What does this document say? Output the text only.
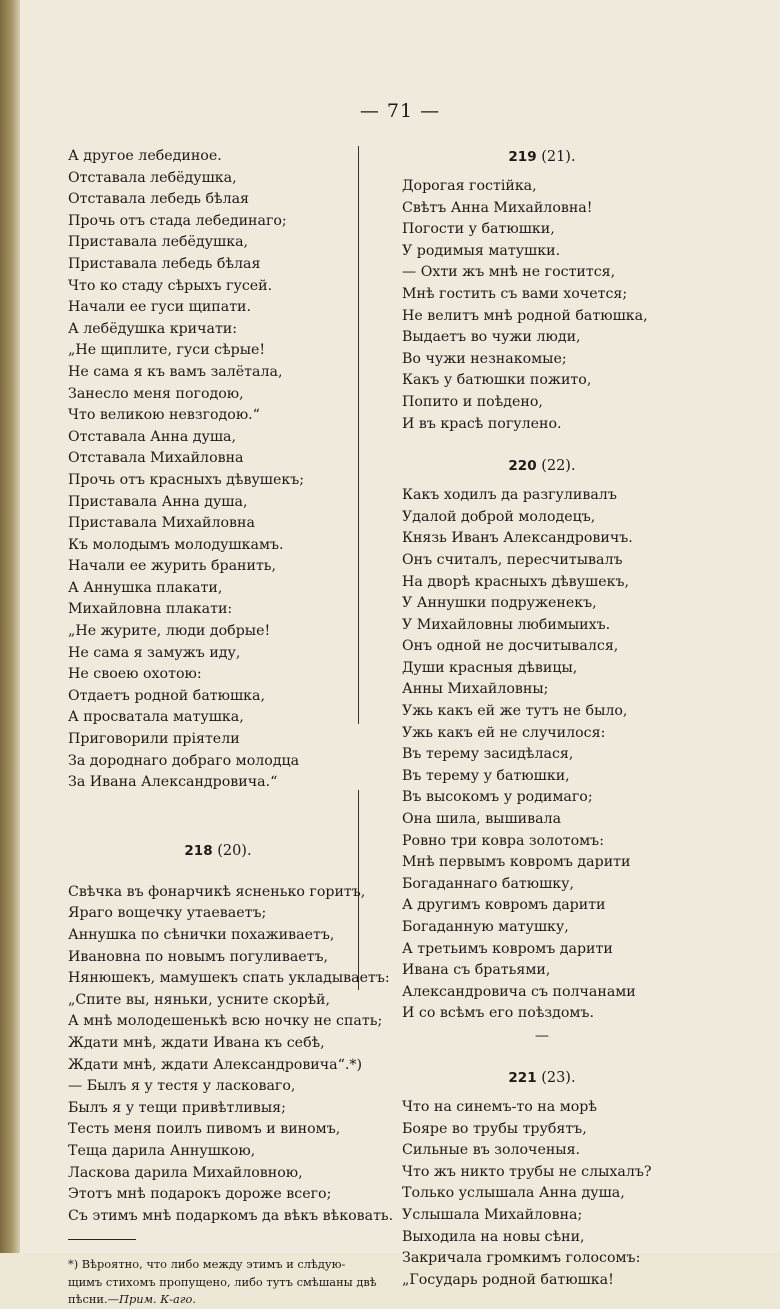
— 71 —
А другое лебединое.
Отставала лебёдушка,
Отставала лебедь бѣлая
Прочь отъ стада лебединаго;
Приставала лебёдушка,
Приставала лебедь бѣлая
Что ко стаду сѣрыхъ гусей.
Начали ее гуси щипати.
А лебёдушка кричати:
„Не щиплите, гуси сѣрые!
Не сама я къ вамъ залётала,
Занесло меня погодою,
Что великою невзгодою.“
Отставала Анна душа,
Отставала Михайловна
Прочь отъ красныхъ дѣвушекъ;
Приставала Анна душа,
Приставала Михайловна
Къ молодымъ молодушкамъ.
Начали ее журить бранить,
А Аннушка плакати,
Михайловна плакати:
„Не журите, люди добрые!
Не сама я замужъ иду,
Не своею охотою:
Отдаетъ родной батюшка,
А просватала матушка,
Приговорили пріятели
За дороднаго добраго молодца
За Ивана Александровича.“
218 (20).
Свѣчка въ фонарчикѣ ясненько горитъ,
Яраго вощечку утаеваетъ;
Аннушка по сѣнички похаживаетъ,
Ивановна по новымъ погуливаетъ,
Нянюшекъ, мамушекъ спать укладываетъ:
„Спите вы, няньки, усните скорѣй,
А мнѣ молодешенькѣ всю ночку не спать;
Ждати мнѣ, ждати Ивана къ себѣ,
Ждати мнѣ, ждати Александровича“.*)
— Былъ я у тестя у ласковаго,
Былъ я у тещи привѣтливыя;
Тесть меня поилъ пивомъ и виномъ,
Теща дарила Аннушкою,
Ласкова дарила Михайловною,
Этотъ мнѣ подарокъ дороже всего;
Съ этимъ мнѣ подаркомъ да вѣкъ вѣковать.
*) Вѣроятно, что либо между этимъ и слѣдую-
щимъ стихомъ пропущено, либо тутъ смѣшаны двѣ
пѣсни.—Прим. К-аго.
219 (21).
Дорогая гостійка,
Свѣтъ Анна Михайловна!
Погости у батюшки,
У родимыя матушки.
— Охти жъ мнѣ не гостится,
Мнѣ гостить съ вами хочется;
Не велитъ мнѣ родной батюшка,
Выдаетъ во чужи люди,
Во чужи незнакомые;
Какъ у батюшки пожито,
Попито и поѣдено,
И въ красѣ погулено.
220 (22).
Какъ ходилъ да разгуливалъ
Удалой доброй молодецъ,
Князь Иванъ Александровичъ.
Онъ считалъ, пересчитывалъ
На дворѣ красныхъ дѣвушекъ,
У Аннушки подруженекъ,
У Михайловны любимыихъ.
Онъ одной не досчитывался,
Души красныя дѣвицы,
Анны Михайловны;
Ужь какъ ей же тутъ не было,
Ужь какъ ей не случилося:
Въ терему засидѣлася,
Въ терему у батюшки,
Въ высокомъ у родимаго;
Она шила, вышивала
Ровно три ковра золотомъ:
Мнѣ первымъ ковромъ дарити
Богаданнаго батюшку,
А другимъ ковромъ дарити
Богаданную матушку,
А третьимъ ковромъ дарити
Ивана съ братьями,
Александровича съ полчанами
И со всѣмъ его поѣздомъ.
—
221 (23).
Что на синемъ-то на морѣ
Бояре во трубы трубятъ,
Сильные въ золоченыя.
Что жъ никто трубы не слыхалъ?
Только услышала Анна душа,
Услышала Михайловна;
Выходила на новы сѣни,
Закричала громкимъ голосомъ:
„Государь родной батюшка!
